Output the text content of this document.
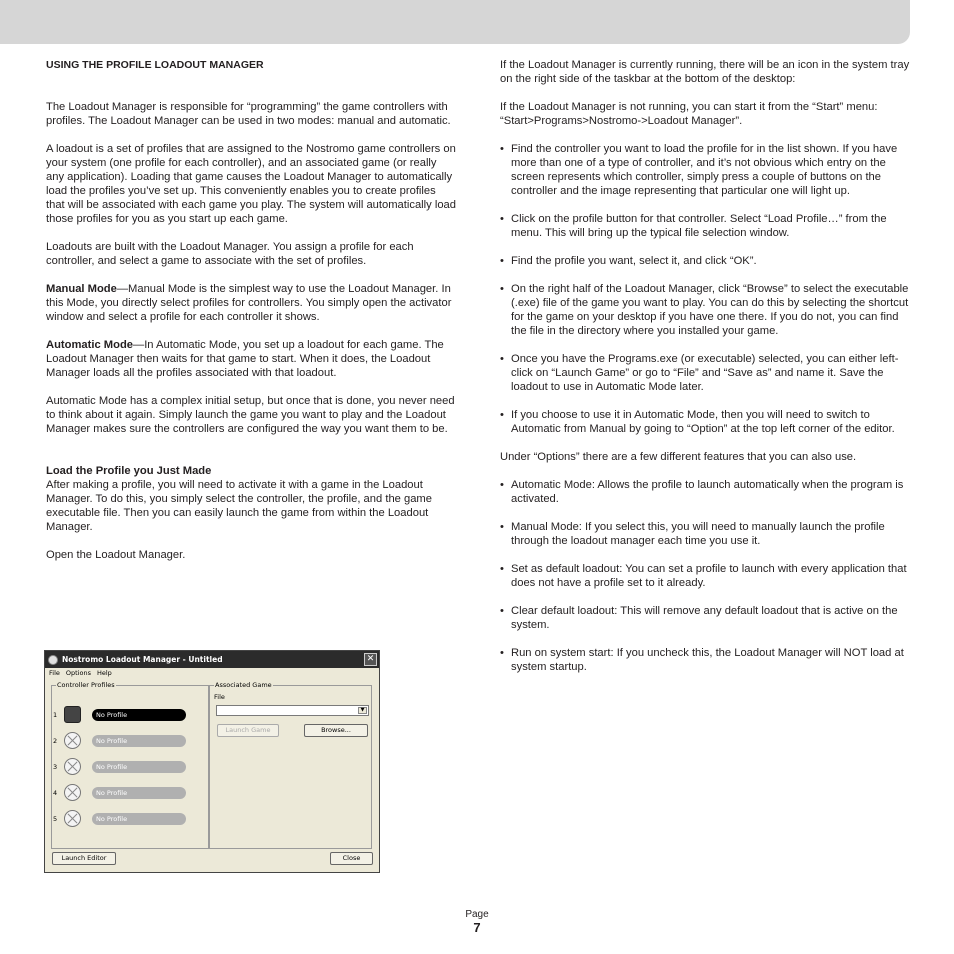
USING THE PROFILE LOADOUT MANAGER

The Loadout Manager is responsible for “programming” the game controllers with profiles. The Loadout Manager can be used in two modes: manual and automatic.

A loadout is a set of profiles that are assigned to the Nostromo game controllers on your system (one profile for each controller), and an associated game (or really any application). Loading that game causes the Loadout Manager to automatically load the profiles you’ve set up. This conveniently enables you to create profiles that will be associated with each game you play. The system will automatically load those profiles for you as you start up each game.

Loadouts are built with the Loadout Manager. You assign a profile for each controller, and select a game to associate with the set of profiles.

Manual Mode—Manual Mode is the simplest way to use the Loadout Manager. In this Mode, you directly select profiles for controllers. You simply open the activator window and select a profile for each controller it shows.

Automatic Mode—In Automatic Mode, you set up a loadout for each game. The Loadout Manager then waits for that game to start. When it does, the Loadout Manager loads all the profiles associated with that loadout.

Automatic Mode has a complex initial setup, but once that is done, you never need to think about it again. Simply launch the game you want to play and the Loadout Manager makes sure the controllers are configured the way you want them to be.

Load the Profile you Just Made

After making a profile, you will need to activate it with a game in the Loadout Manager. To do this, you simply select the controller, the profile, and the game executable file. Then you can easily launch the game from within the Loadout Manager.

Open the Loadout Manager.

Nostromo Loadout Manager - Untitled	✕
File Options Help
Controller Profiles	Associated Game
1	No Profile
2	No Profile
3	No Profile
4	No Profile
5	No Profile
File
▼
Launch Game	Browse...
Launch Editor	Close

If the Loadout Manager is currently running, there will be an icon in the system tray on the right side of the taskbar at the bottom of the desktop:

If the Loadout Manager is not running, you can start it from the “Start” menu: “Start>Programs>Nostromo->Loadout Manager”.

• Find the controller you want to load the profile for in the list shown. If you have more than one of a type of controller, and it’s not obvious which entry on the screen represents which controller, simply press a couple of buttons on the controller and the image representing that particular one will light up.
• Click on the profile button for that controller. Select “Load Profile…” from the menu. This will bring up the typical file selection window.
• Find the profile you want, select it, and click “OK”.
• On the right half of the Loadout Manager, click “Browse” to select the executable (.exe) file of the game you want to play. You can do this by selecting the shortcut for the game on your desktop if you have one there. If you do not, you can find the file in the directory where you installed your game.
• Once you have the Programs.exe (or executable) selected, you can either left-click on “Launch Game” or go to “File” and “Save as” and name it. Save the loadout to use in Automatic Mode later.
• If you choose to use it in Automatic Mode, then you will need to switch to Automatic from Manual by going to “Option” at the top left corner of the editor.

Under “Options” there are a few different features that you can also use.

• Automatic Mode: Allows the profile to launch automatically when the program is activated.
• Manual Mode: If you select this, you will need to manually launch the profile through the loadout manager each time you use it.
• Set as default loadout: You can set a profile to launch with every application that does not have a profile set to it already.
• Clear default loadout: This will remove any default loadout that is active on the system.
• Run on system start: If you uncheck this, the Loadout Manager will NOT load at system startup.
Page
7
